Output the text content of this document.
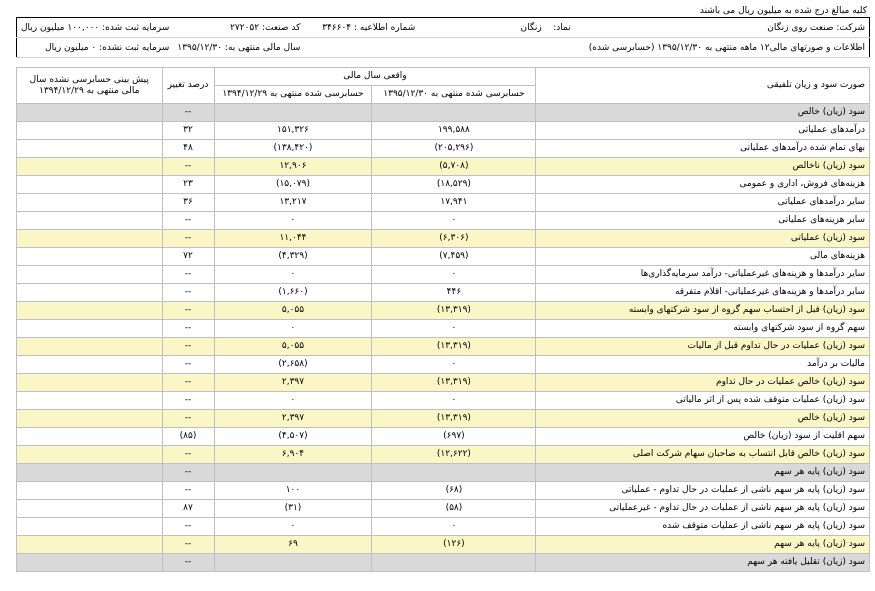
کلیه مبالغ درج شده به میلیون ریال می باشند
شرکت: صنعت روی زنگان	نماد:    زنگان	شماره اطلاعیه : ۳۴۶۶۰۴	کد صنعت: ۲۷۲۰۵۲	سرمایه ثبت شده: ۱۰۰,۰۰۰ میلیون ریال
اطلاعات و صورتهای مالی۱۲ ماهه منتهی به ۱۳۹۵/۱۲/۳۰ (حسابرسی شده)			سال مالی منتهی به: ۱۳۹۵/۱۲/۳۰	سرمایه ثبت نشده: ۰ میلیون ریال
صورت سود و زیان تلفیقی	واقعی سال مالی		درصد تغییر	پیش بینی حسابرسی نشده سال مالی منتهی به ۱۳۹۴/۱۲/۲۹
	حسابرسی شده منتهی به ۱۳۹۵/۱۲/۳۰	حسابرسی شده منتهی به ۱۳۹۴/۱۲/۲۹		
سود (زیان) خالص			--	
درآمدهای عملیاتی	۱۹۹,۵۸۸	۱۵۱,۳۲۶	۳۲	
بهای تمام شده درآمدهای عملیاتی	(۲۰۵,۲۹۶)	(۱۳۸,۴۲۰)	۴۸	
سود (زیان) ناخالص	(۵,۷۰۸)	۱۲,۹۰۶	--	
هزینه‌های فروش، اداری و عمومی	(۱۸,۵۲۹)	(۱۵,۰۷۹)	۲۳	
سایر درآمدهای عملیاتی	۱۷,۹۴۱	۱۳,۲۱۷	۳۶	
سایر هزینه‌های عملیاتی	۰	۰	--	
سود (زیان) عملیاتی	(۶,۳۰۶)	۱۱,۰۴۴	--	
هزینه‌های مالی	(۷,۴۵۹)	(۴,۳۲۹)	۷۲	
سایر درآمدها و هزینه‌های غیرعملیاتی- درآمد سرمایه‌گذاری‌ها	۰	۰	--	
سایر درآمدها و هزینه‌های غیرعملیاتی- اقلام متفرقه	۴۴۶	(۱,۶۶۰)	--	
سود (زیان) قبل از احتساب سهم گروه از سود شرکتهای وابسته	(۱۳,۳۱۹)	۵,۰۵۵	--	
سهم گروه از سود شرکتهای وابسته	۰	۰	--	
سود (زیان) عملیات در حال تداوم قبل از مالیات	(۱۳,۳۱۹)	۵,۰۵۵	--	
مالیات بر درآمد	۰	(۲,۶۵۸)	--	
سود (زیان) خالص عملیات در حال تداوم	(۱۳,۳۱۹)	۲,۳۹۷	--	
سود (زیان) عملیات متوقف شده پس از اثر مالیاتی	۰	۰	--	
سود (زیان) خالص	(۱۳,۳۱۹)	۲,۳۹۷	--	
سهم اقلیت از سود (زیان) خالص	(۶۹۷)	(۴,۵۰۷)	(۸۵)	
سود (زیان) خالص قابل انتساب به صاحبان سهام شرکت اصلی	(۱۲,۶۲۲)	۶,۹۰۴	--	
سود (زیان) پایه هر سهم			--	
سود (زیان) پایه هر سهم ناشی از عملیات در حال تداوم - عملیاتی	(۶۸)	۱۰۰	--	
سود (زیان) پایه هر سهم ناشی از عملیات در حال تداوم - غیرعملیاتی	(۵۸)	(۳۱)	۸۷	
سود (زیان) پایه هر سهم ناشی از عملیات متوقف شده	۰	۰	--	
سود (زیان) پایه هر سهم	(۱۲۶)	۶۹	--	
سود (زیان) تقلیل یافته هر سهم			--	
